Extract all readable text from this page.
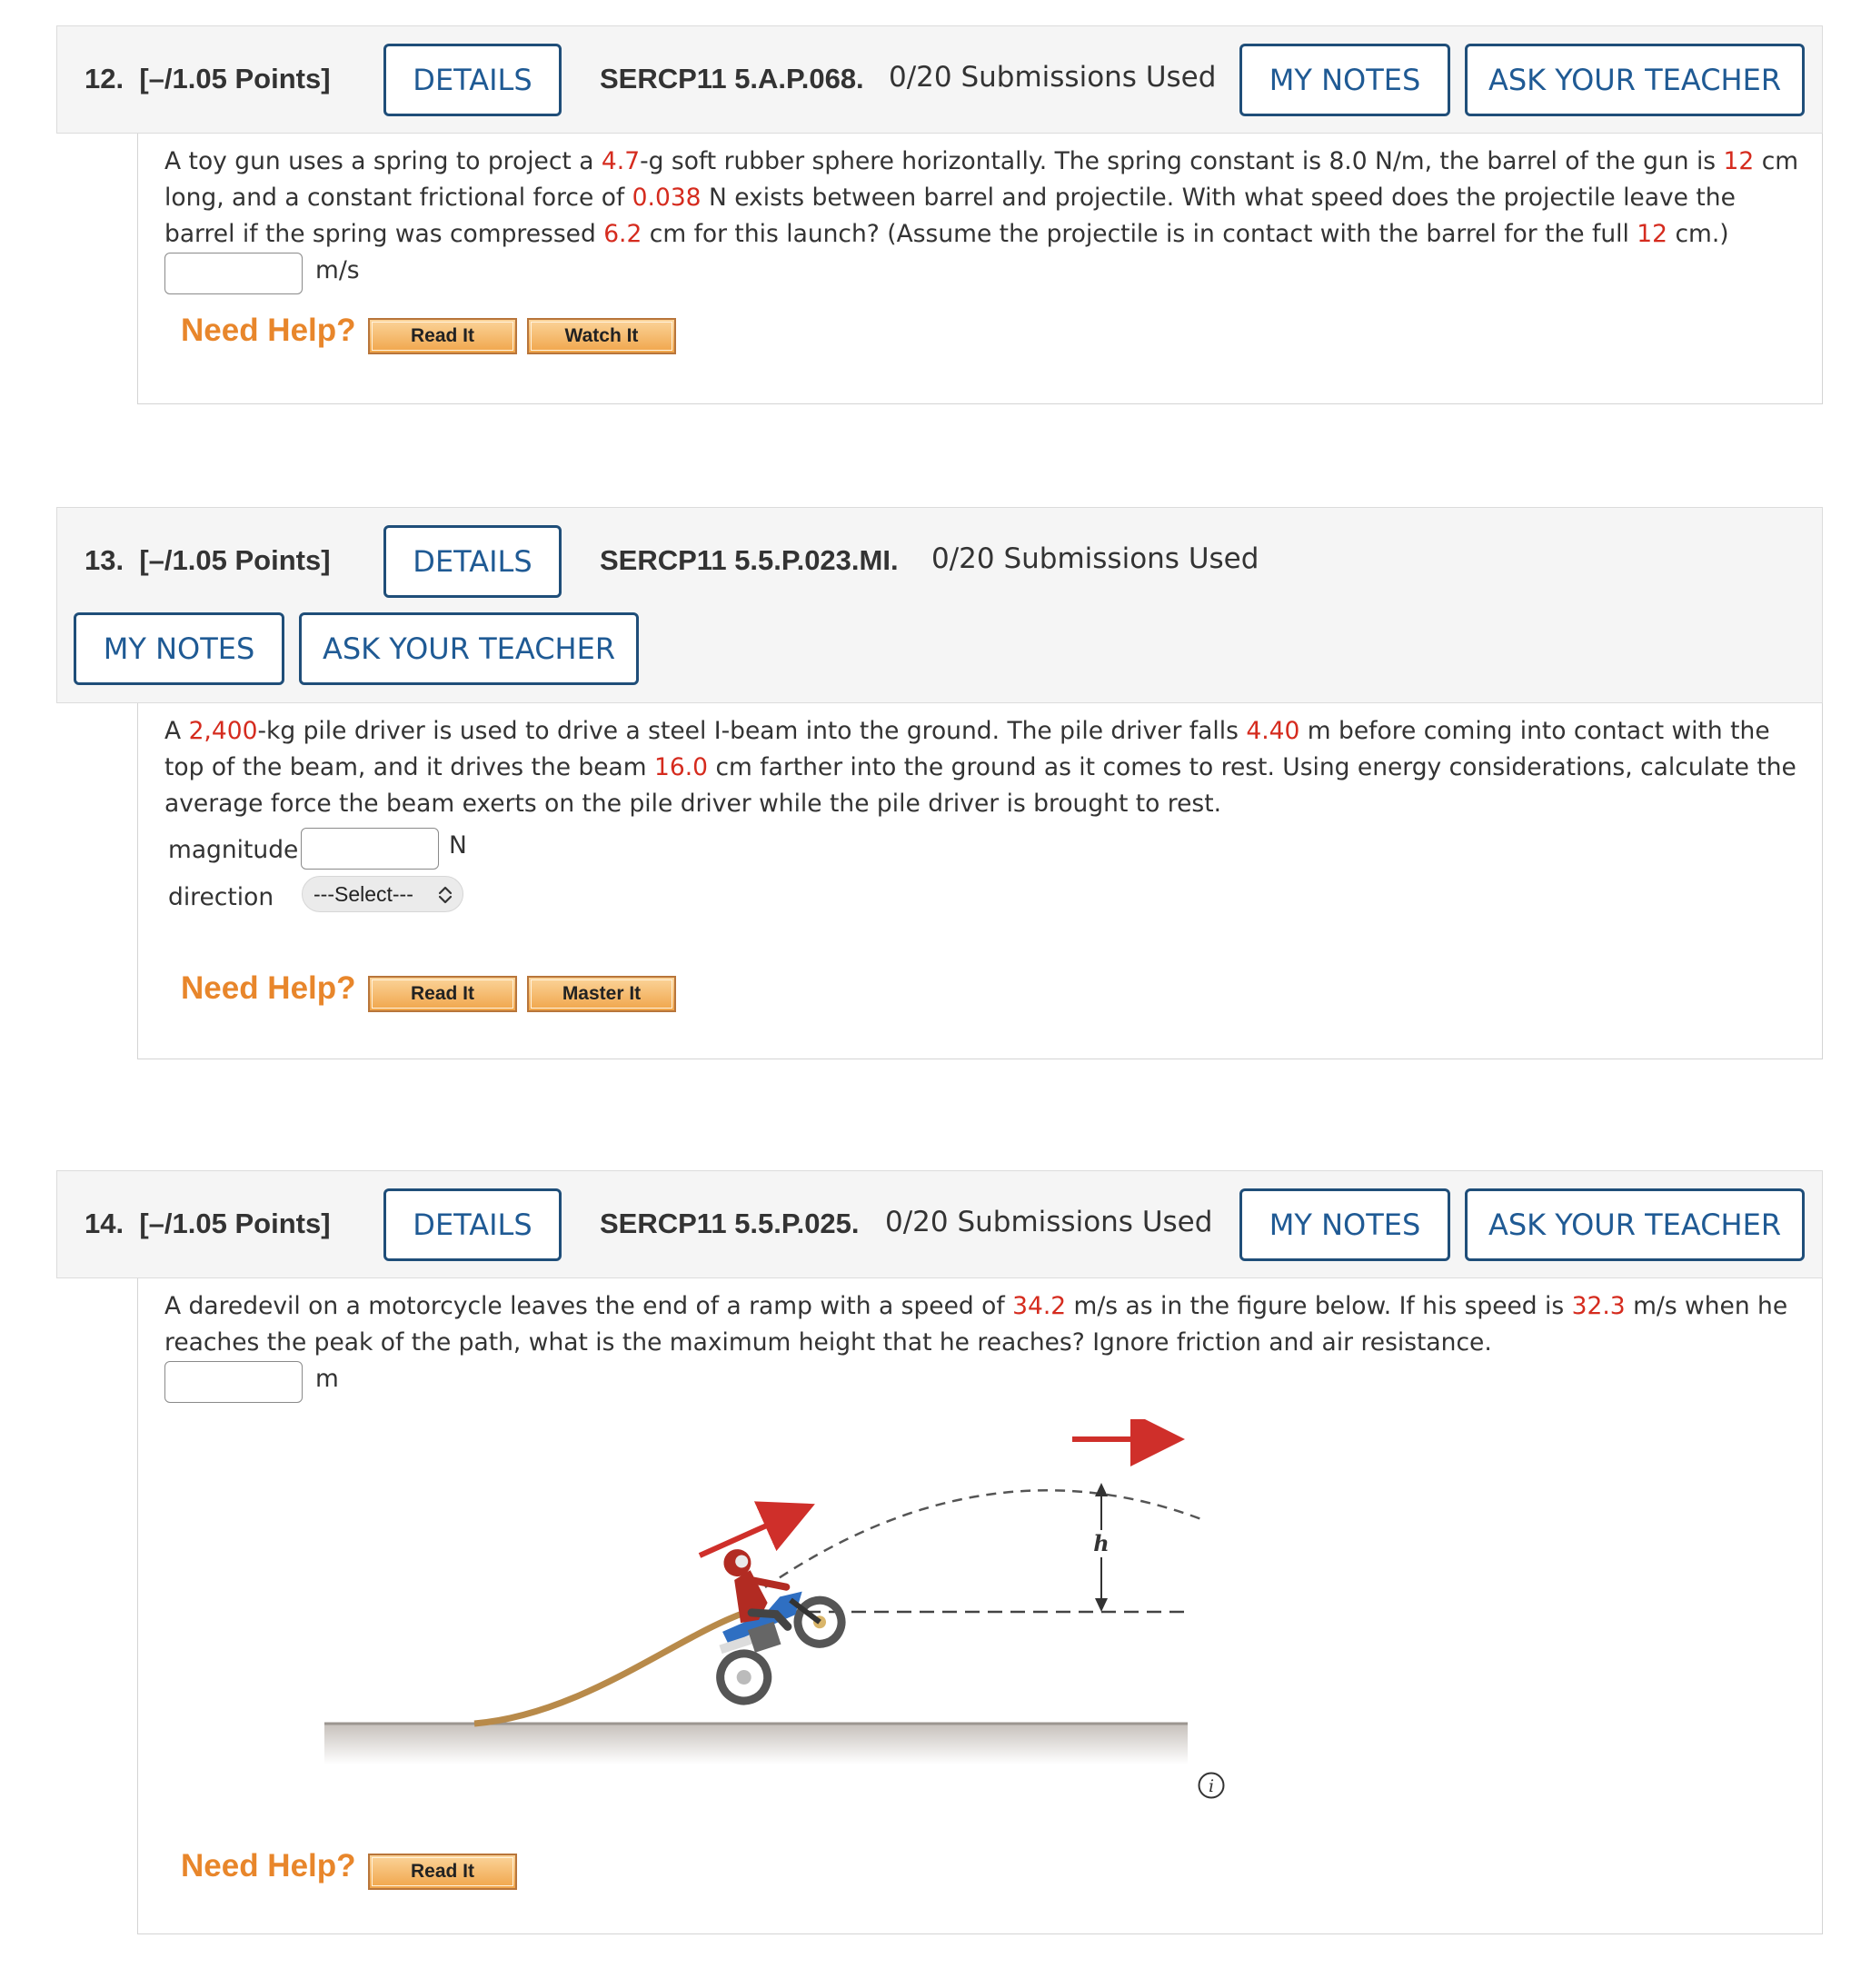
12. [–/1.05 Points]	DETAILS	SERCP11 5.A.P.068. 0/20 Submissions Used	MY NOTES	ASK YOUR TEACHER
A toy gun uses a spring to project a 4.7-g soft rubber sphere horizontally. The spring constant is 8.0 N/m, the barrel of the gun is 12 cm long, and a constant frictional force of 0.038 N exists between barrel and projectile. With what speed does the projectile leave the barrel if the spring was compressed 6.2 cm for this launch? (Assume the projectile is in contact with the barrel for the full 12 cm.)
m/s
Need Help?	Read It	Watch It
13. [–/1.05 Points]	DETAILS	SERCP11 5.5.P.023.MI. 0/20 Submissions Used
MY NOTES	ASK YOUR TEACHER
A 2,400-kg pile driver is used to drive a steel I-beam into the ground. The pile driver falls 4.40 m before coming into contact with the top of the beam, and it drives the beam 16.0 cm farther into the ground as it comes to rest. Using energy considerations, calculate the average force the beam exerts on the pile driver while the pile driver is brought to rest.
magnitude	N
direction ---Select---
Need Help?	Read It	Master It
14. [–/1.05 Points]	DETAILS	SERCP11 5.5.P.025. 0/20 Submissions Used	MY NOTES	ASK YOUR TEACHER
A daredevil on a motorcycle leaves the end of a ramp with a speed of 34.2 m/s as in the figure below. If his speed is 32.3 m/s when he reaches the peak of the path, what is the maximum height that he reaches? Ignore friction and air resistance.
m
h
i
Need Help?	Read It
